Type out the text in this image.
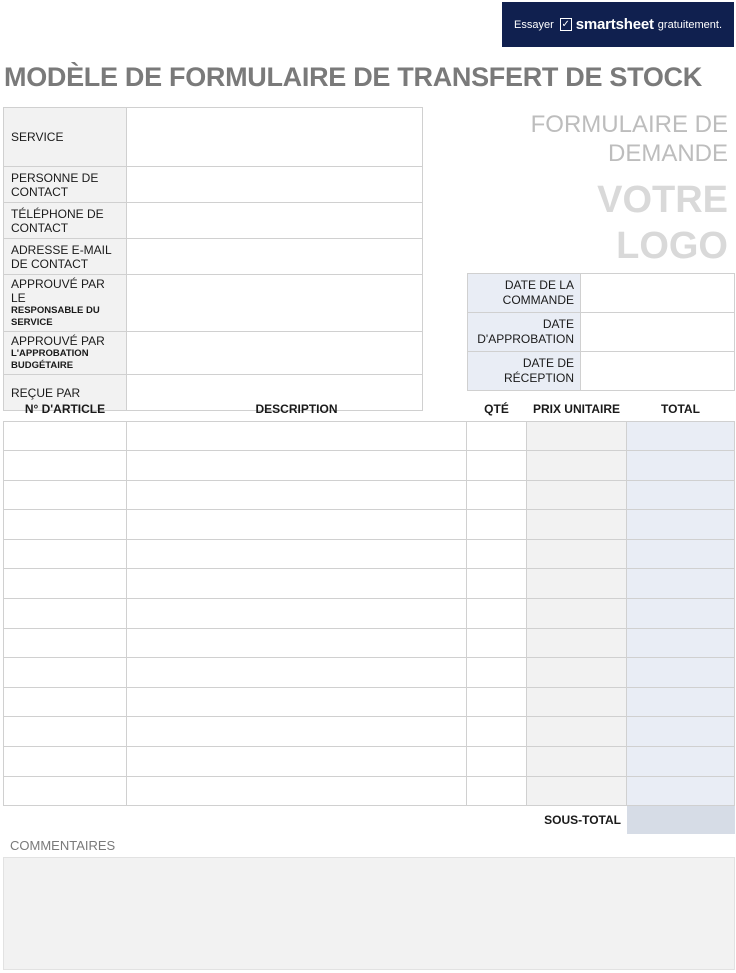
Essayer ✓ smartsheet gratuitement.
MODÈLE DE FORMULAIRE DE TRANSFERT DE STOCK
FORMULAIRE DE DEMANDE
VOTRE LOGO
SERVICE	
PERSONNE DE CONTACT	
TÉLÉPHONE DE CONTACT	
ADRESSE E-MAIL DE CONTACT	
APPROUVÉ PAR LE
RESPONSABLE DU SERVICE	

APPROUVÉ PAR
L'APPROBATION BUDGÉTAIRE	

REÇUE PAR	
DATE DE LA COMMANDE	
DATE D'APPROBATION	
DATE DE RÉCEPTION	
N° D'ARTICLE	DESCRIPTION	QTÉ	PRIX UNITAIRE	TOTAL

SOUS-TOTAL
COMMENTAIRES
